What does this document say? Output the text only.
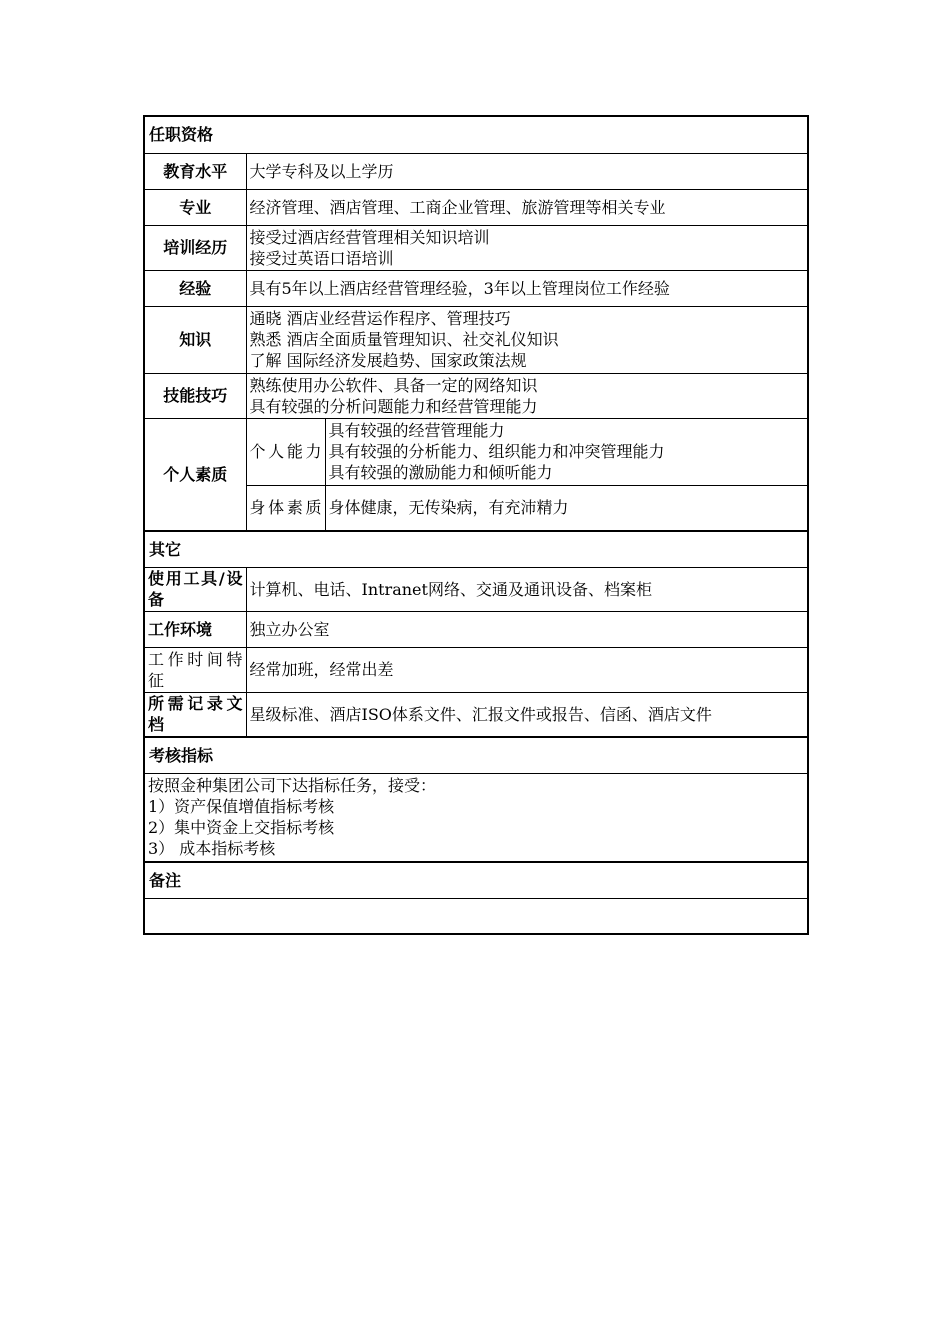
任职资格		
教育水平	大学专科及以上学历	
专业	经济管理、酒店管理、工商企业管理、旅游管理等相关专业	
培训经历	接受过酒店经营管理相关知识培训
接受过英语口语培训	

经验	具有5年以上酒店经营管理经验，3年以上管理岗位工作经验	
知识	通晓 酒店业经营运作程序、管理技巧
熟悉 酒店全面质量管理知识、社交礼仪知识
了解 国际经济发展趋势、国家政策法规	

技能技巧	熟练使用办公软件、具备一定的网络知识
具有较强的分析问题能力和经营管理能力	

个人素质	个人能力	具有较强的经营管理能力
具有较强的分析能力、组织能力和冲突管理能力
具有较强的激励能力和倾听能力

	身体素质	身体健康，无传染病，有充沛精力
其它		
使用工具/设备	计算机、电话、Intranet网络、交通及通讯设备、档案柜	
工作环境	独立办公室	
工作时间特征	经常加班，经常出差	
所需记录文档	星级标准、酒店ISO体系文件、汇报文件或报告、信函、酒店文件	
考核指标		

按照金种集团公司下达指标任务，接受：
1）资产保值增值指标考核
2）集中资金上交指标考核
3） 成本指标考核		

备注		
